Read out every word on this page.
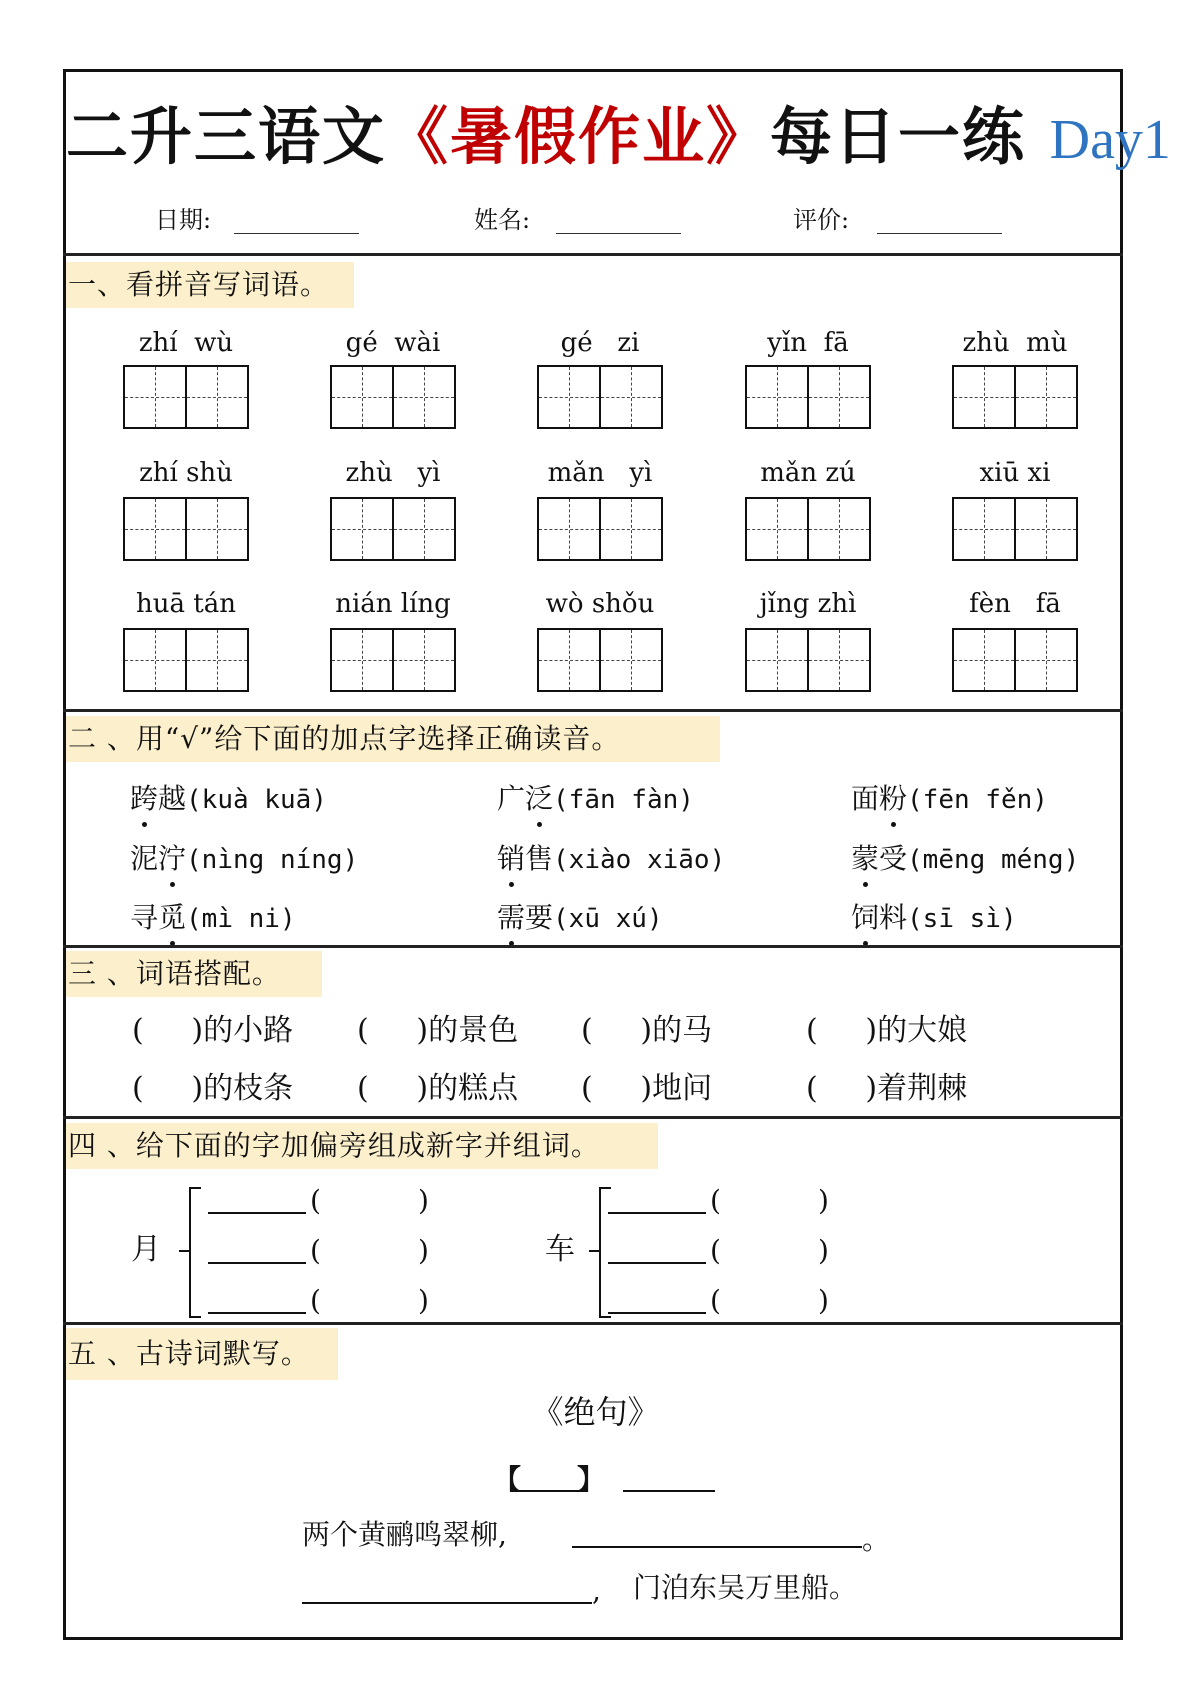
二升三语文《暑假作业》每日一练 Day1
日期:	姓名:	评价:
一、看拼音写词语。
zhí  wù	gé  wài	gé   zi	yǐn  fā	zhù  mù
zhí shù	zhù   yì	mǎn   yì	mǎn zú	xiū xi
huā tán	nián líng	wò shǒu	jǐng zhì	fèn   fā
二 、用“√”给下面的加点字选择正确读音。
跨越(kuà kuā)	广泛(fān fàn)	面粉(fēn fěn)
泥泞(nìng níng)	销售(xiào xiāo)	蒙受(mēng méng)
寻觅(mì ni)	需要(xū xú)	饲料(sī sì)
三 、词语搭配。
(     )的小路 (     )的景色 (     )的马	(     )的大娘
(     )的枝条 (     )的糕点 (     )地问	(     )着荆棘
四 、给下面的字加偏旁组成新字并组词。
月
(	)
(	)
(	)
车
(	)
(	)
(	)
五 、古诗词默写。
《绝句》
【 】
两个黄鹂鸣翠柳,	。
, 门泊东吴万里船。
